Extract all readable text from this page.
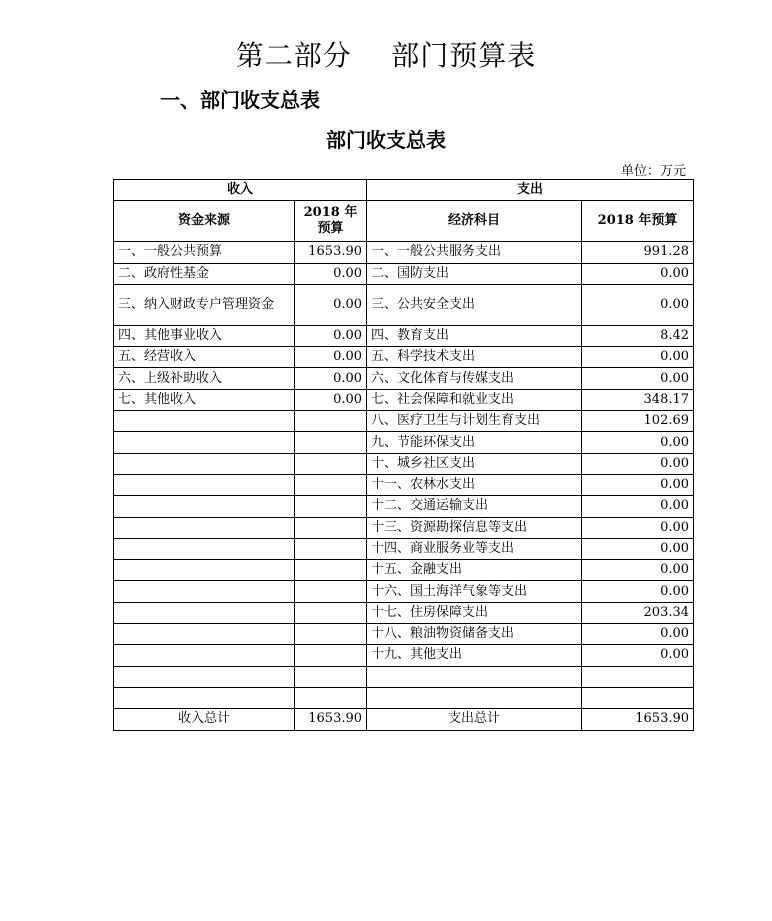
第二部分    部门预算表
一、部门收支总表
部门收支总表
单位：万元
收入		支出	
资金来源	2018 年预算	经济科目	2018 年预算
一、一般公共预算	1653.90	一、一般公共服务支出	991.28
二、政府性基金	0.00	二、国防支出	0.00
三、纳入财政专户管理资金	0.00	三、公共安全支出	0.00
四、其他事业收入	0.00	四、教育支出	8.42
五、经营收入	0.00	五、科学技术支出	0.00
六、上级补助收入	0.00	六、文化体育与传媒支出	0.00
七、其他收入	0.00	七、社会保障和就业支出	348.17
		八、医疗卫生与计划生育支出	102.69
		九、节能环保支出	0.00
		十、城乡社区支出	0.00
		十一、农林水支出	0.00
		十二、交通运输支出	0.00
		十三、资源勘探信息等支出	0.00
		十四、商业服务业等支出	0.00
		十五、金融支出	0.00
		十六、国土海洋气象等支出	0.00
		十七、住房保障支出	203.34
		十八、粮油物资储备支出	0.00
		十九、其他支出	0.00

收入总计	1653.90	支出总计	1653.90
